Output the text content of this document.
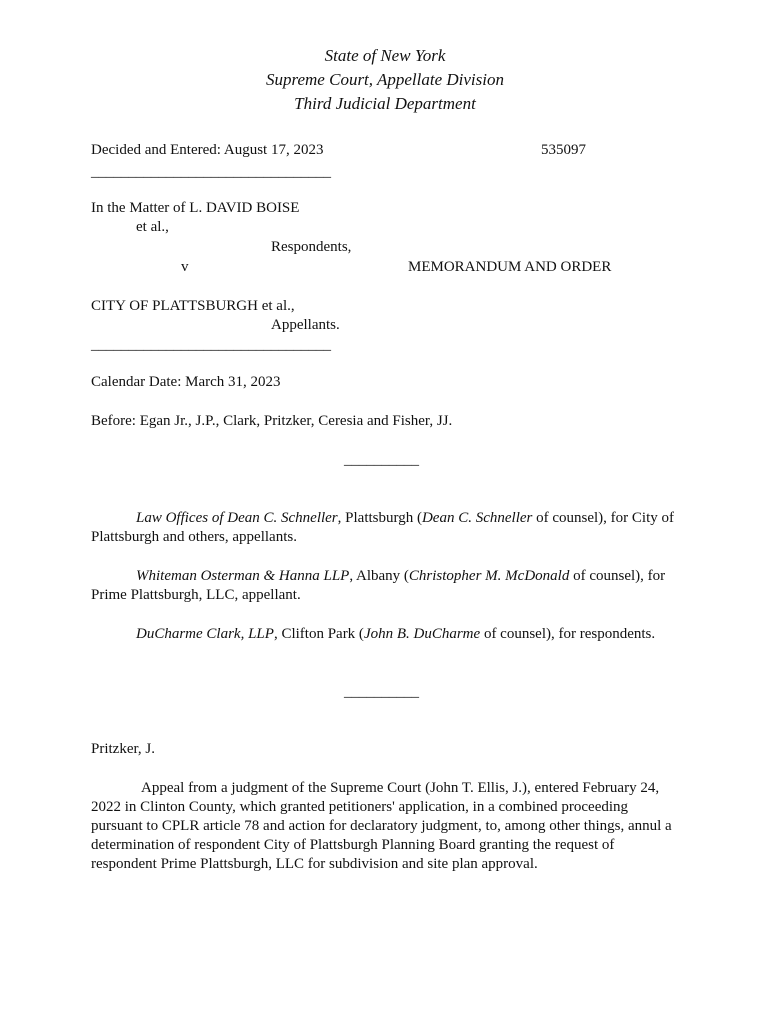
State of New York
Supreme Court, Appellate Division
Third Judicial Department
Decided and Entered: August 17, 2023	535097
________________________________
In the Matter of L. DAVID BOISE
et al.,
Respondents,
v	MEMORANDUM AND ORDER
CITY OF PLATTSBURGH et al.,
Appellants.
________________________________
Calendar Date: March 31, 2023
Before: Egan Jr., J.P., Clark, Pritzker, Ceresia and Fisher, JJ.
__________
Law Offices of Dean C. Schneller, Plattsburgh (Dean C. Schneller of counsel), for City of Plattsburgh and others, appellants.
Whiteman Osterman & Hanna LLP, Albany (Christopher M. McDonald of counsel), for Prime Plattsburgh, LLC, appellant.
DuCharme Clark, LLP, Clifton Park (John B. DuCharme of counsel), for respondents.
__________
Pritzker, J.
Appeal from a judgment of the Supreme Court (John T. Ellis, J.), entered February 24, 2022 in Clinton County, which granted petitioners' application, in a combined proceeding pursuant to CPLR article 78 and action for declaratory judgment, to, among other things, annul a determination of respondent City of Plattsburgh Planning Board granting the request of respondent Prime Plattsburgh, LLC for subdivision and site plan approval.
